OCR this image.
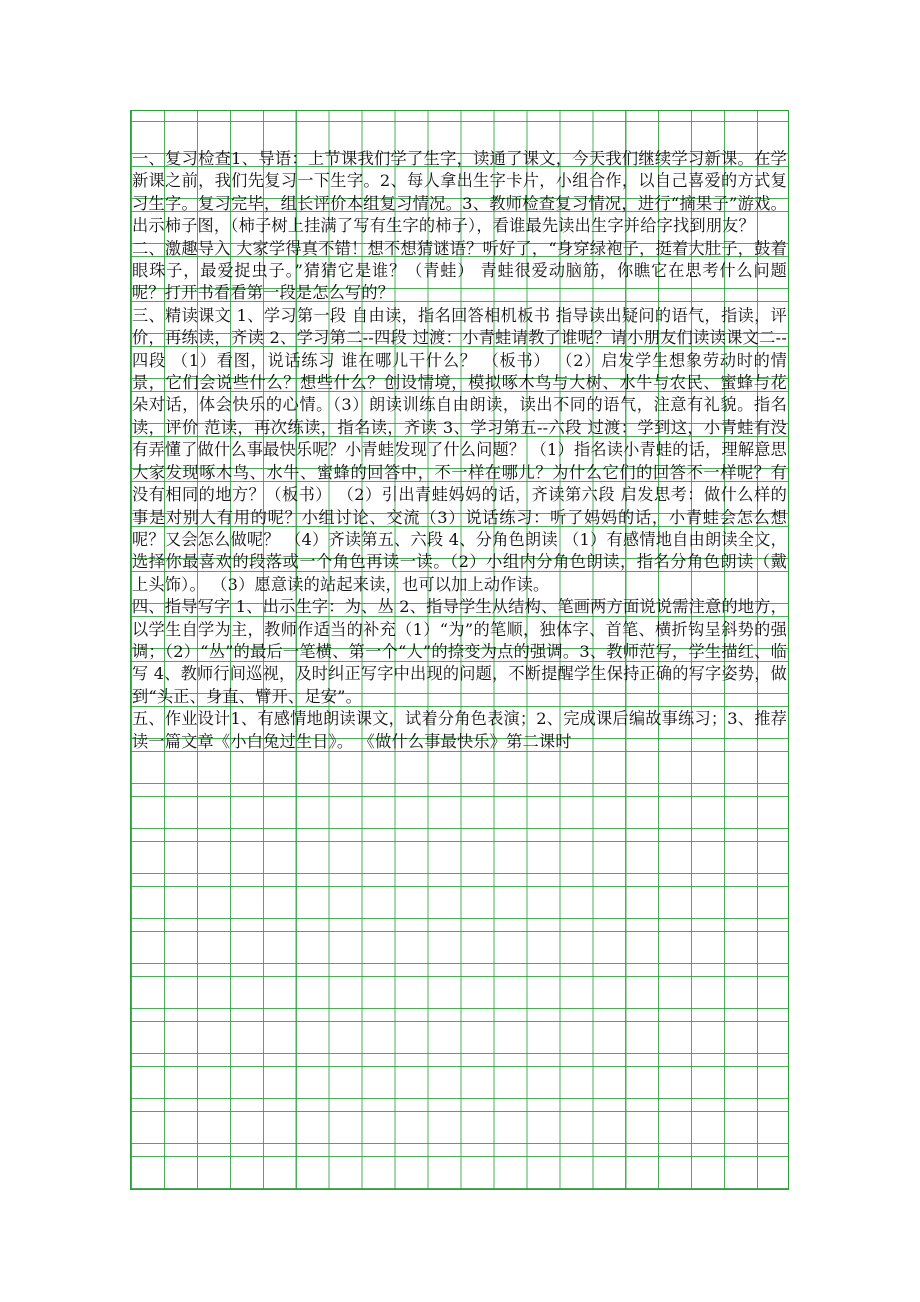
一、复习检查1、导语：上节课我们学了生字，读通了课文，今天我们继续学习新课。在学新课之前，我们先复习一下生字。2、每人拿出生字卡片，小组合作，以自己喜爱的方式复习生字。复习完毕，组长评价本组复习情况。3、教师检查复习情况，进行“摘果子”游戏。出示柿子图，（柿子树上挂满了写有生字的柿子），看谁最先读出生字并给字找到朋友？

二、激趣导入 大家学得真不错！想不想猜谜语？听好了，“身穿绿袍子，挺着大肚子，鼓着眼珠子，最爱捉虫子。”猜猜它是谁？（青蛙） 青蛙很爱动脑筋，你瞧它在思考什么问题呢？打开书看看第一段是怎么写的？

三、精读课文 1、学习第一段 自由读，指名回答相机板书 指导读出疑问的语气，指读，评价，再练读，齐读 2、学习第二--四段 过渡：小青蛙请教了谁呢？请小朋友们读读课文二--四段 （1）看图，说话练习 谁在哪儿干什么？ （板书） （2）启发学生想象劳动时的情景，它们会说些什么？想些什么？创设情境，模拟啄木鸟与大树、水牛与农民、蜜蜂与花朵对话，体会快乐的心情。（3）朗读训练自由朗读，读出不同的语气，注意有礼貌。指名读，评价 范读，再次练读，指名读，齐读 3、学习第五--六段 过渡：学到这，小青蛙有没有弄懂了做什么事最快乐呢？小青蛙发现了什么问题？ （1）指名读小青蛙的话，理解意思 大家发现啄木鸟、水牛、蜜蜂的回答中，不一样在哪儿？为什么它们的回答不一样呢？有没有相同的地方？（板书） （2）引出青蛙妈妈的话，齐读第六段 启发思考：做什么样的事是对别人有用的呢？小组讨论、交流（3）说话练习：听了妈妈的话，小青蛙会怎么想呢？又会怎么做呢？ （4）齐读第五、六段 4、分角色朗读 （1）有感情地自由朗读全文，选择你最喜欢的段落或一个角色再读一读。（2）小组内分角色朗读，指名分角色朗读（戴上头饰）。 （3）愿意读的站起来读，也可以加上动作读。

四、指导写字 1、出示生字：为、丛 2、指导学生从结构、笔画两方面说说需注意的地方，以学生自学为主，教师作适当的补充（1）“为”的笔顺，独体字、首笔、横折钩呈斜势的强调；（2）“丛”的最后一笔横、第一个“人”的捺变为点的强调。3、教师范写，学生描红、临写 4、教师行间巡视，及时纠正写字中出现的问题，不断提醒学生保持正确的写字姿势，做到“头正、身直、臂开、足安”。

五、作业设计1、有感情地朗读课文，试着分角色表演；2、完成课后编故事练习；3、推荐读一篇文章《小白兔过生日》。 《做什么事最快乐》第二课时
